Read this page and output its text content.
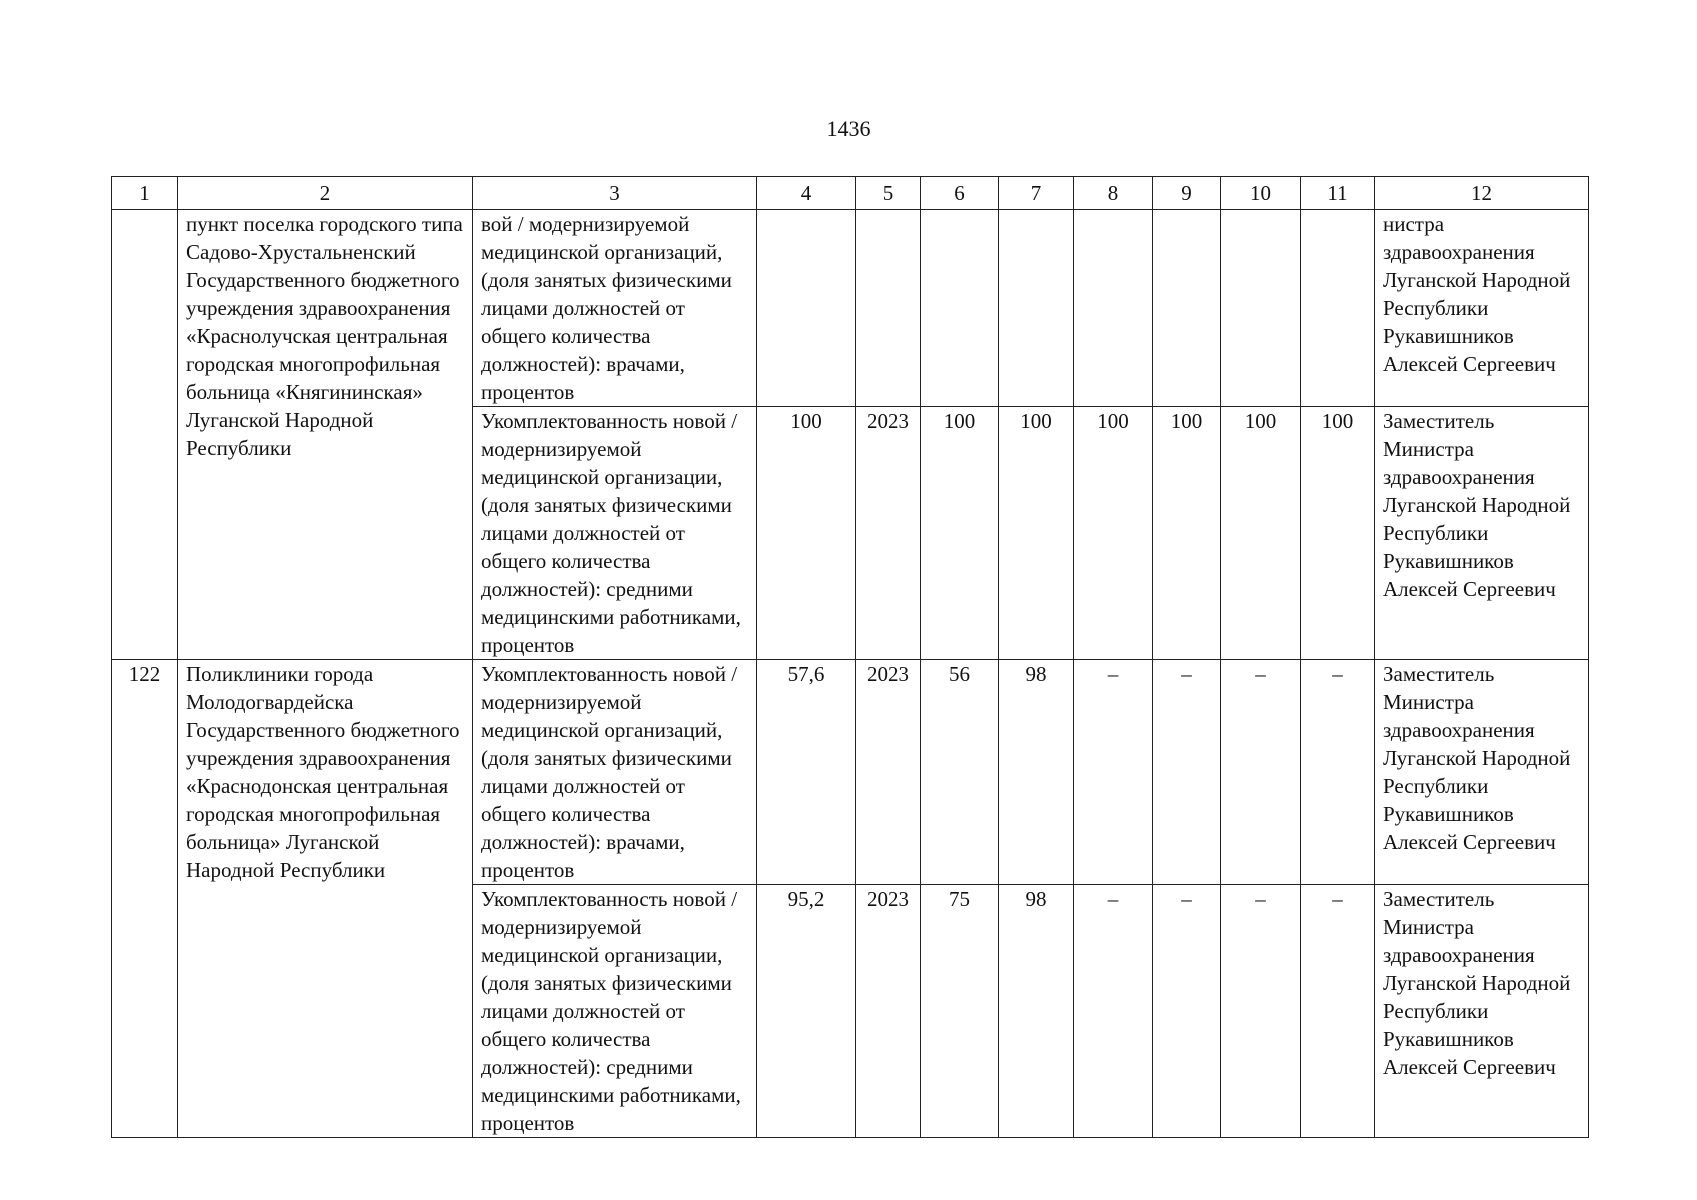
1436
1	2	3	4	5	6	7	8	9	10	11	12
	пункт поселка городского типа Садово-Хрустальненский Государственного бюджетного учреждения здравоохранения «Краснолучская центральная городская многопрофильная больница «Княгининская» Луганской Народной Республики	вой / модернизируемой медицинской организаций, (доля занятых физическими лицами должностей от общего количества должностей): врачами, процентов									нистра здравоохранения Луганской Народной Республики Рукавишников Алексей Сергеевич
		Укомплектованность новой / модернизируемой медицинской организации, (доля занятых физическими лицами должностей от общего количества должностей): средними медицинскими работниками, процентов	100	2023	100	100	100	100	100	100	Заместитель Министра здравоохранения Луганской Народной Республики Рукавишников Алексей Сергеевич
122	Поликлиники города Молодогвардейска Государственного бюджетного учреждения здравоохранения «Краснодонская центральная городская многопрофильная больница» Луганской Народной Республики	Укомплектованность новой / модернизируемой медицинской организаций, (доля занятых физическими лицами должностей от общего количества должностей): врачами, процентов	57,6	2023	56	98	–	–	–	–	Заместитель Министра здравоохранения Луганской Народной Республики Рукавишников Алексей Сергеевич
		Укомплектованность новой / модернизируемой медицинской организации, (доля занятых физическими лицами должностей от общего количества должностей): средними медицинскими работниками, процентов	95,2	2023	75	98	–	–	–	–	Заместитель Министра здравоохранения Луганской Народной Республики Рукавишников Алексей Сергеевич
